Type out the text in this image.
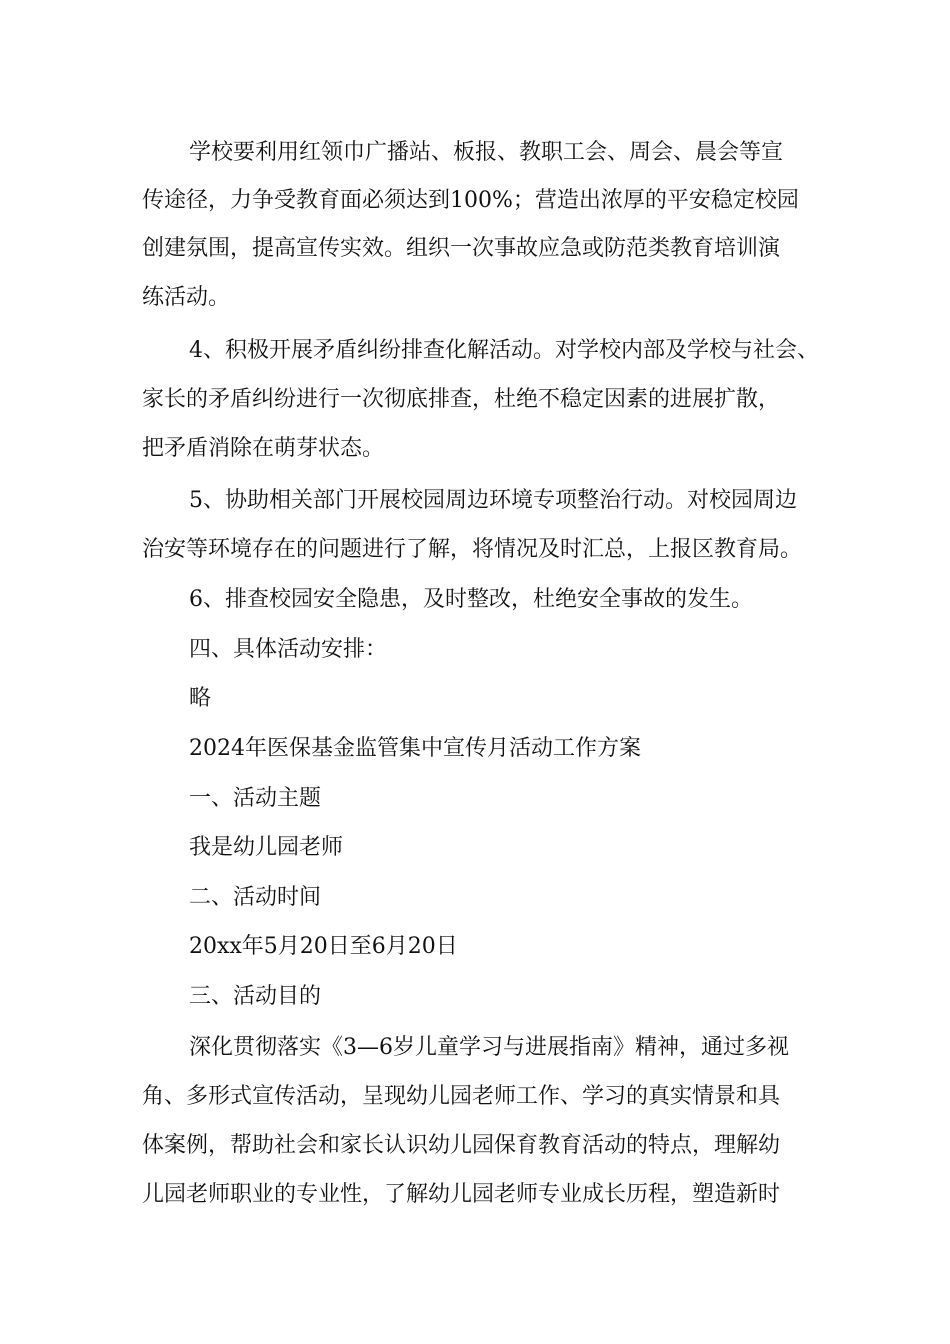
学校要利用红领巾广播站、板报、教职工会、周会、晨会等宣
传途径，力争受教育面必须达到100%；营造出浓厚的平安稳定校园
创建氛围，提高宣传实效。组织一次事故应急或防范类教育培训演
练活动。
4、积极开展矛盾纠纷排查化解活动。对学校内部及学校与社会、
家长的矛盾纠纷进行一次彻底排查，杜绝不稳定因素的进展扩散，
把矛盾消除在萌芽状态。
5、协助相关部门开展校园周边环境专项整治行动。对校园周边
治安等环境存在的问题进行了解，将情况及时汇总，上报区教育局。
6、排查校园安全隐患，及时整改，杜绝安全事故的发生。
四、具体活动安排：
略
2024年医保基金监管集中宣传月活动工作方案
一、活动主题
我是幼儿园老师
二、活动时间
20xx年5月20日至6月20日
三、活动目的
深化贯彻落实《3—6岁儿童学习与进展指南》精神，通过多视
角、多形式宣传活动，呈现幼儿园老师工作、学习的真实情景和具
体案例，帮助社会和家长认识幼儿园保育教育活动的特点，理解幼
儿园老师职业的专业性，了解幼儿园老师专业成长历程，塑造新时
